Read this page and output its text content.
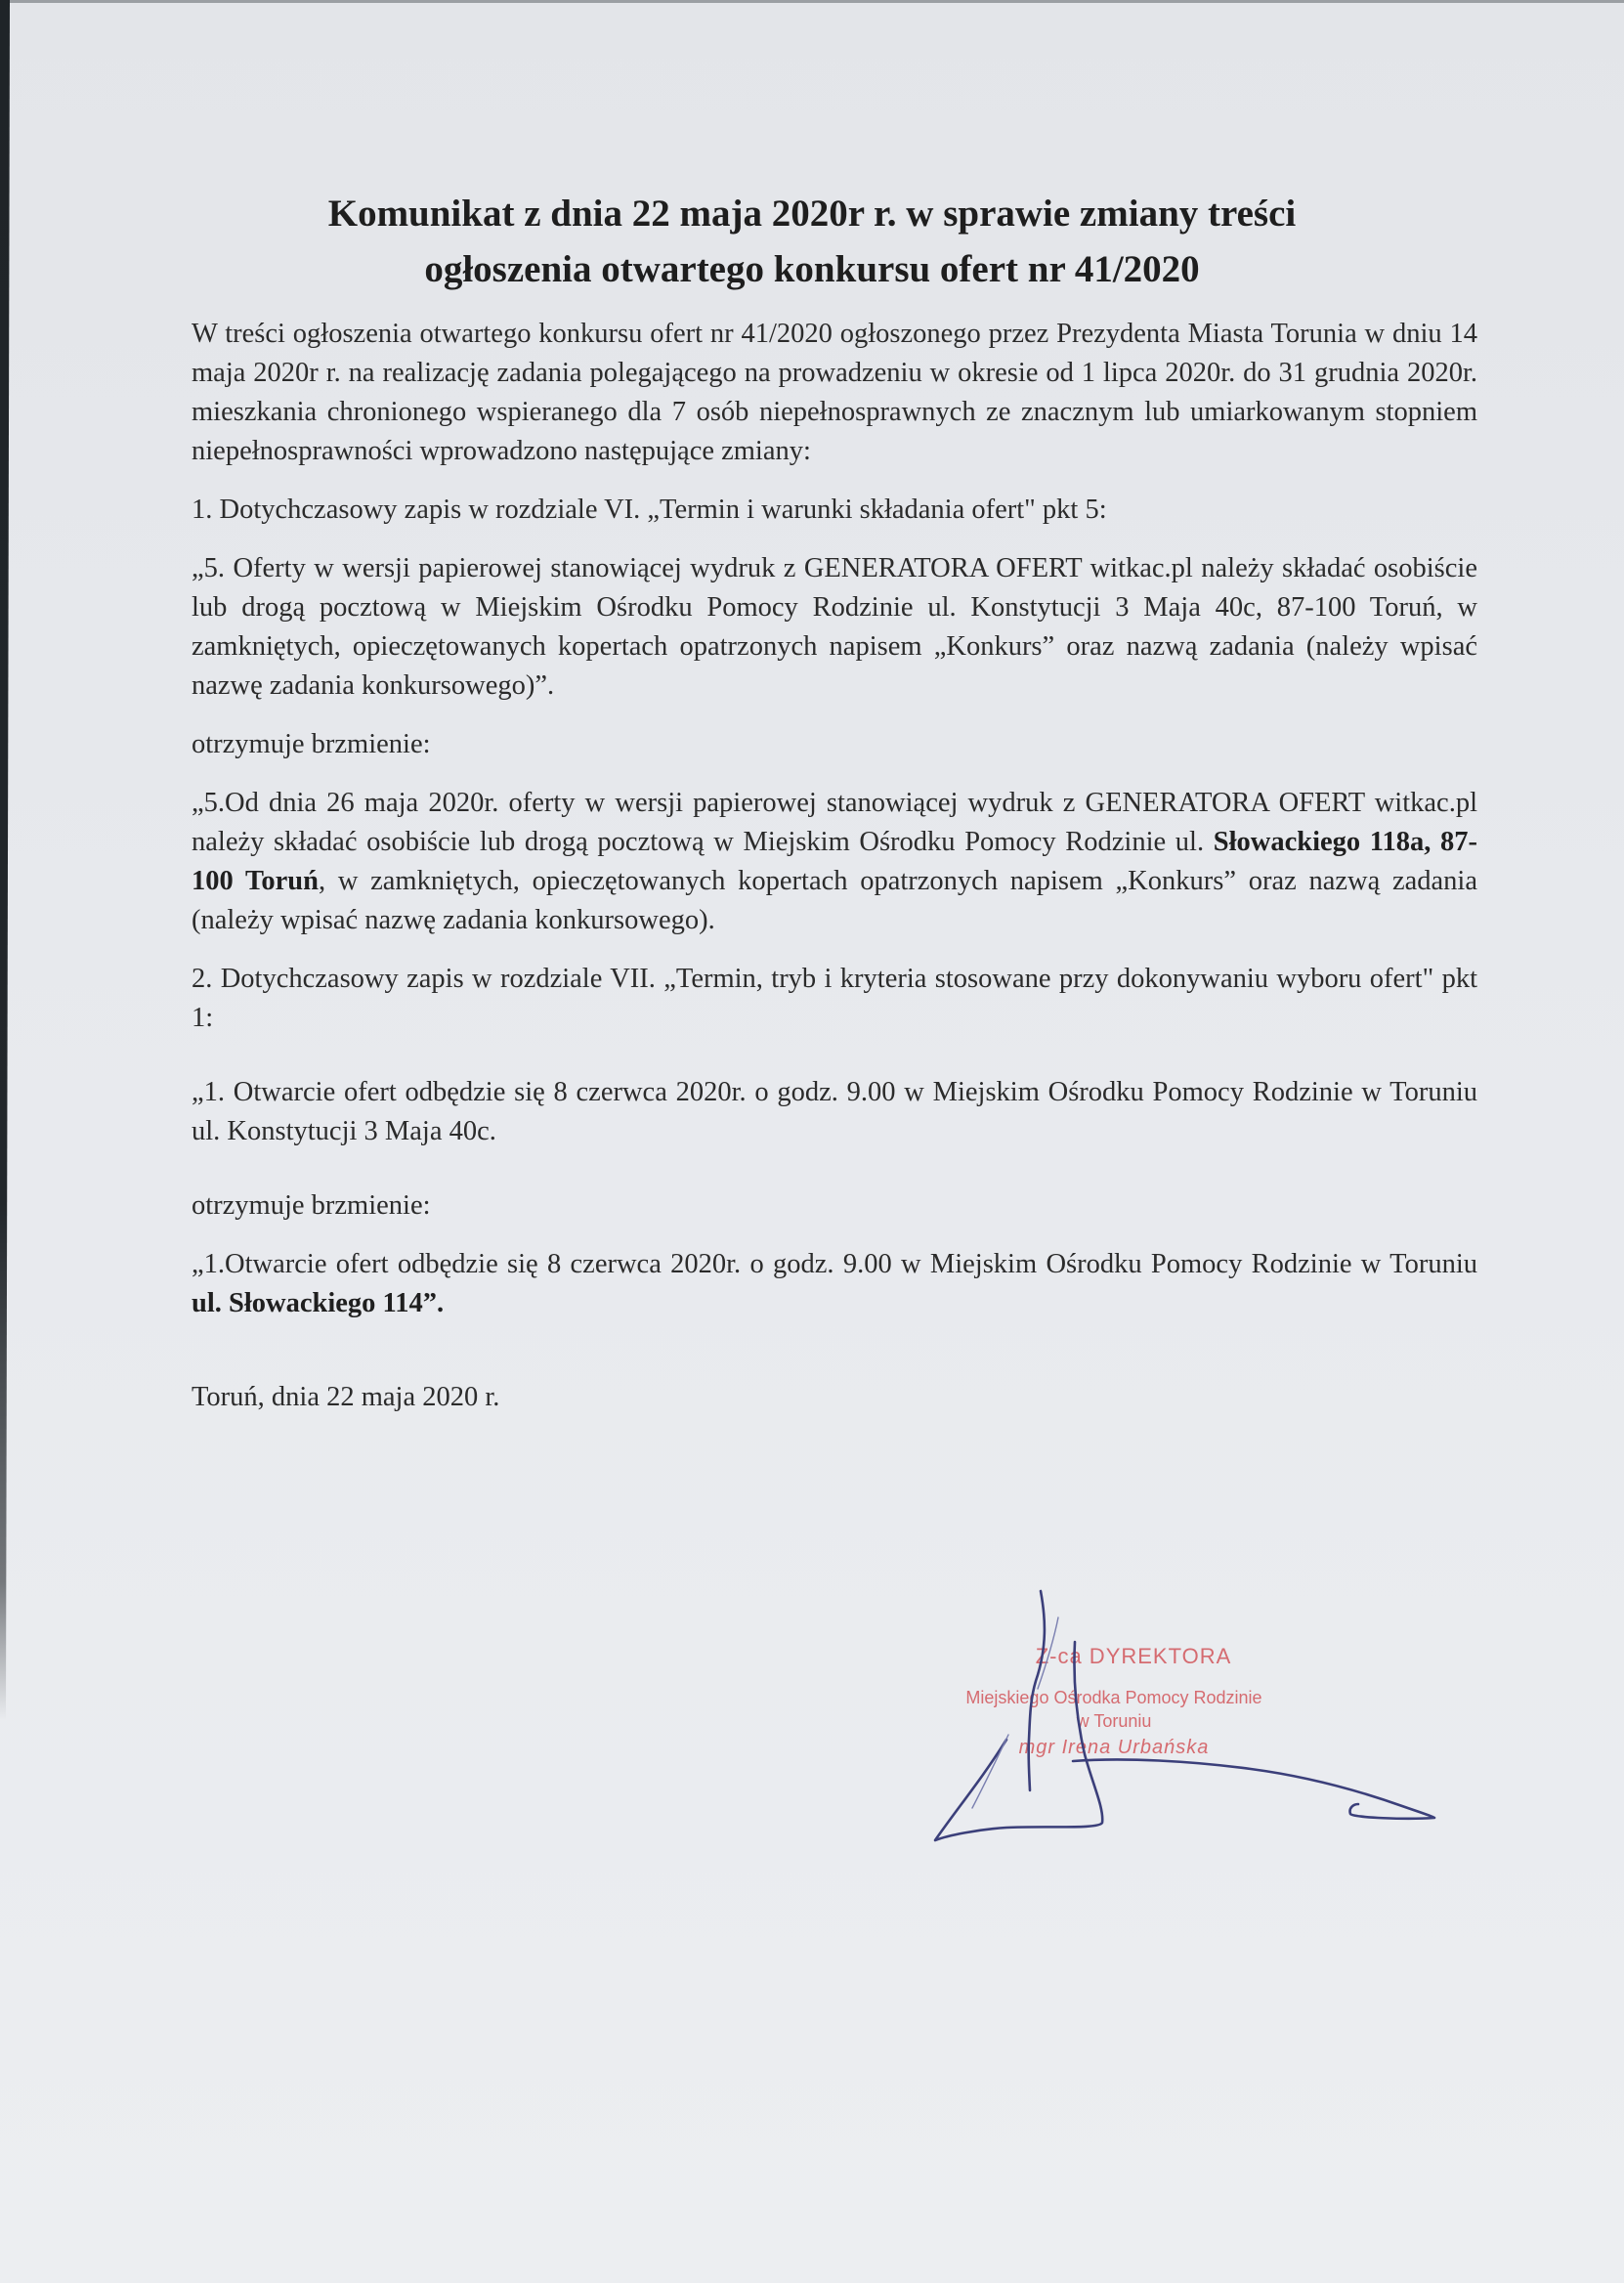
Komunikat z dnia 22 maja 2020r r. w sprawie zmiany treści
ogłoszenia otwartego konkursu ofert nr 41/2020

W treści ogłoszenia otwartego konkursu ofert nr 41/2020 ogłoszonego przez Prezydenta Miasta Torunia w dniu 14 maja 2020r r. na realizację zadania polegającego na prowadzeniu w okresie od 1 lipca 2020r. do 31 grudnia 2020r. mieszkania chronionego wspieranego dla 7 osób niepełnosprawnych ze znacznym lub umiarkowanym stopniem niepełnosprawności wprowadzono następujące zmiany:

1. Dotychczasowy zapis w rozdziale VI. „Termin i warunki składania ofert" pkt 5:

„5. Oferty w wersji papierowej stanowiącej wydruk z GENERATORA OFERT witkac.pl należy składać osobiście lub drogą pocztową w Miejskim Ośrodku Pomocy Rodzinie ul. Konstytucji 3 Maja 40c, 87-100 Toruń, w zamkniętych, opieczętowanych kopertach opatrzonych napisem „Konkurs” oraz nazwą zadania (należy wpisać nazwę zadania konkursowego)”.

otrzymuje brzmienie:

„5.Od dnia 26 maja 2020r. oferty w wersji papierowej stanowiącej wydruk z GENERATORA OFERT witkac.pl należy składać osobiście lub drogą pocztową w Miejskim Ośrodku Pomocy Rodzinie ul. Słowackiego 118a, 87-100 Toruń, w zamkniętych, opieczętowanych kopertach opatrzonych napisem „Konkurs” oraz nazwą zadania (należy wpisać nazwę zadania konkursowego).

2. Dotychczasowy zapis w rozdziale VII. „Termin, tryb i kryteria stosowane przy dokonywaniu wyboru ofert" pkt 1:

„1. Otwarcie ofert odbędzie się 8 czerwca 2020r. o godz. 9.00 w Miejskim Ośrodku Pomocy Rodzinie w Toruniu ul. Konstytucji 3 Maja 40c.

otrzymuje brzmienie:

„1.Otwarcie ofert odbędzie się 8 czerwca 2020r. o godz. 9.00 w Miejskim Ośrodku Pomocy Rodzinie w Toruniu ul. Słowackiego 114”.

Toruń, dnia 22 maja 2020 r.

Z-ca DYREKTORA
Miejskiego Ośrodka Pomocy Rodzinie
w Toruniu
mgr Irena Urbańska
